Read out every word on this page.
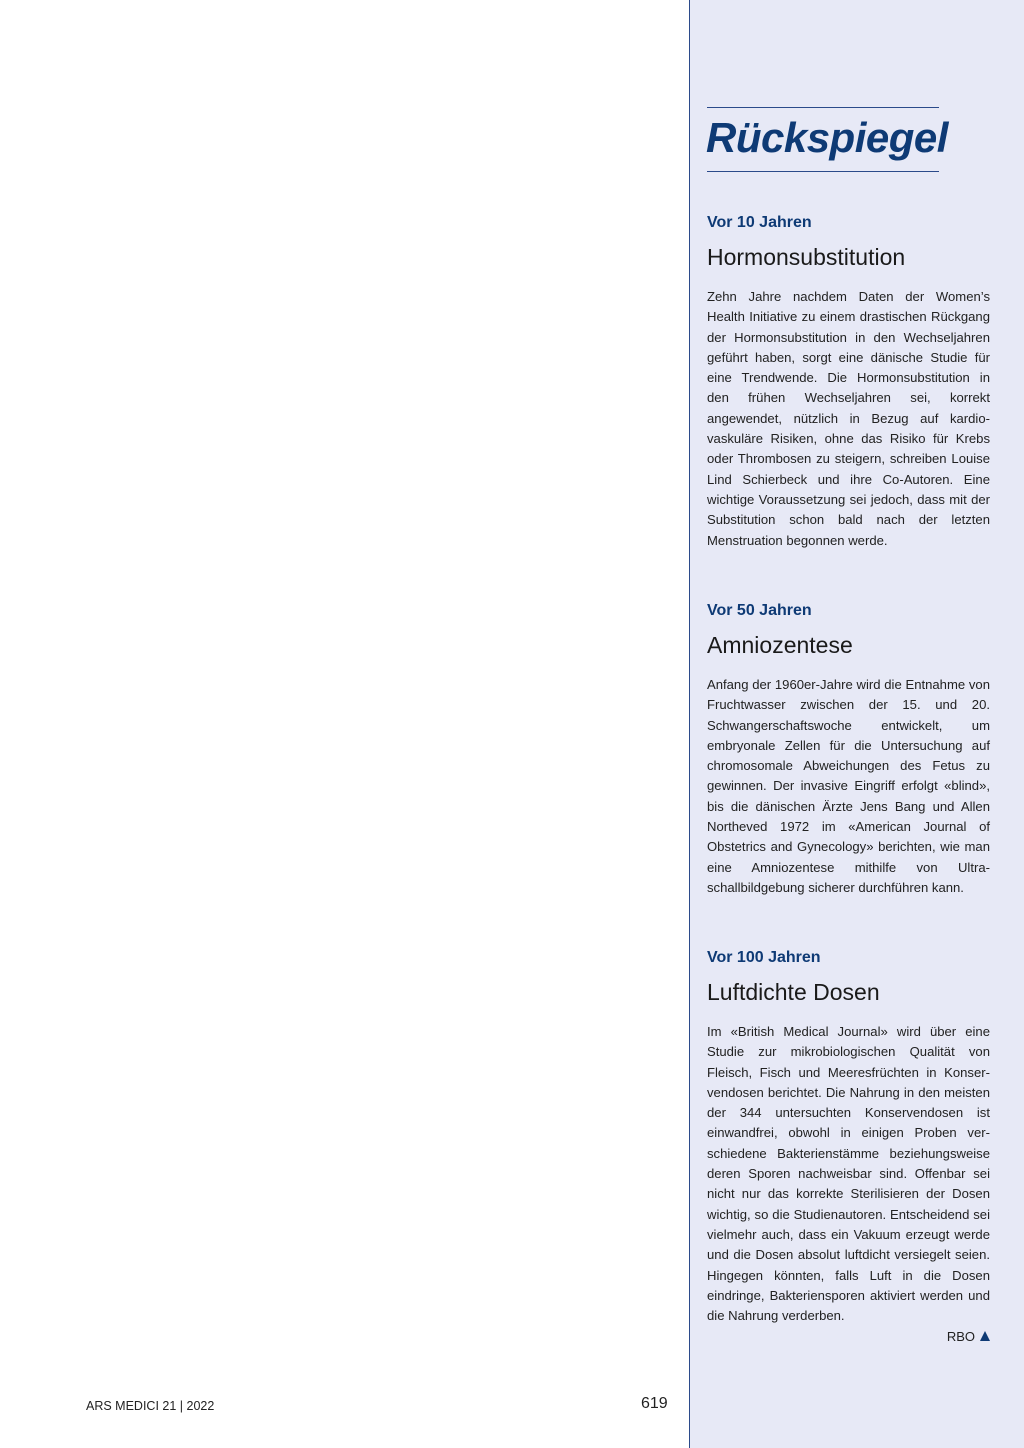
Rückspiegel
Vor 10 Jahren
Hormonsubstitution

Zehn Jahre nachdem Daten der Women’s Health Initiative zu einem drastischen Rückgang der Hormonsubstitution in den Wechseljahren geführt haben, sorgt eine dänische Studie für eine Trendwende. Die Hormonsubstitution in den frühen Wechseljahren sei, korrekt angewendet, nützlich in Bezug auf kardiovaskuläre Risiken, ohne das Risiko für Krebs oder Thrombosen zu steigern, schreiben Louise Lind Schierbeck und ihre Co-Autoren. Eine wichtige Voraussetzung sei jedoch, dass mit der Substitution schon bald nach der letzten Menstruation begonnen werde.

Vor 50 Jahren
Amniozentese

Anfang der 1960er-Jahre wird die Entnahme von Fruchtwasser zwischen der 15. und 20. Schwangerschaftswoche entwickelt, um embryonale Zellen für die Untersuchung auf chromosomale Abweichungen des Fetus zu gewinnen. Der invasive Eingriff erfolgt «blind», bis die dänischen Ärzte Jens Bang und Allen Northeved 1972 im «American Journal of Obstetrics and Gynecology» berichten, wie man eine Amniozentese mithilfe von Ultraschallbildgebung sicherer durchführen kann.

Vor 100 Jahren
Luftdichte Dosen

Im «British Medical Journal» wird über eine Studie zur mikrobiologischen Qualität von Fleisch, Fisch und Meeresfrüchten in Konservendosen berichtet. Die Nahrung in den meisten der 344 untersuchten Konservendosen ist einwandfrei, obwohl in einigen Proben verschiedene Bakterienstämme beziehungsweise deren Sporen nachweisbar sind. Offenbar sei nicht nur das korrekte Sterilisieren der Dosen wichtig, so die Studienautoren. Entscheidend sei vielmehr auch, dass ein Vakuum erzeugt werde und die Dosen absolut luftdicht versiegelt seien. Hingegen könnten, falls Luft in die Dosen eindringe, Bakteriensporen aktiviert werden und die Nahrung verderben.

RBO
ARS MEDICI 21 | 2022	619
